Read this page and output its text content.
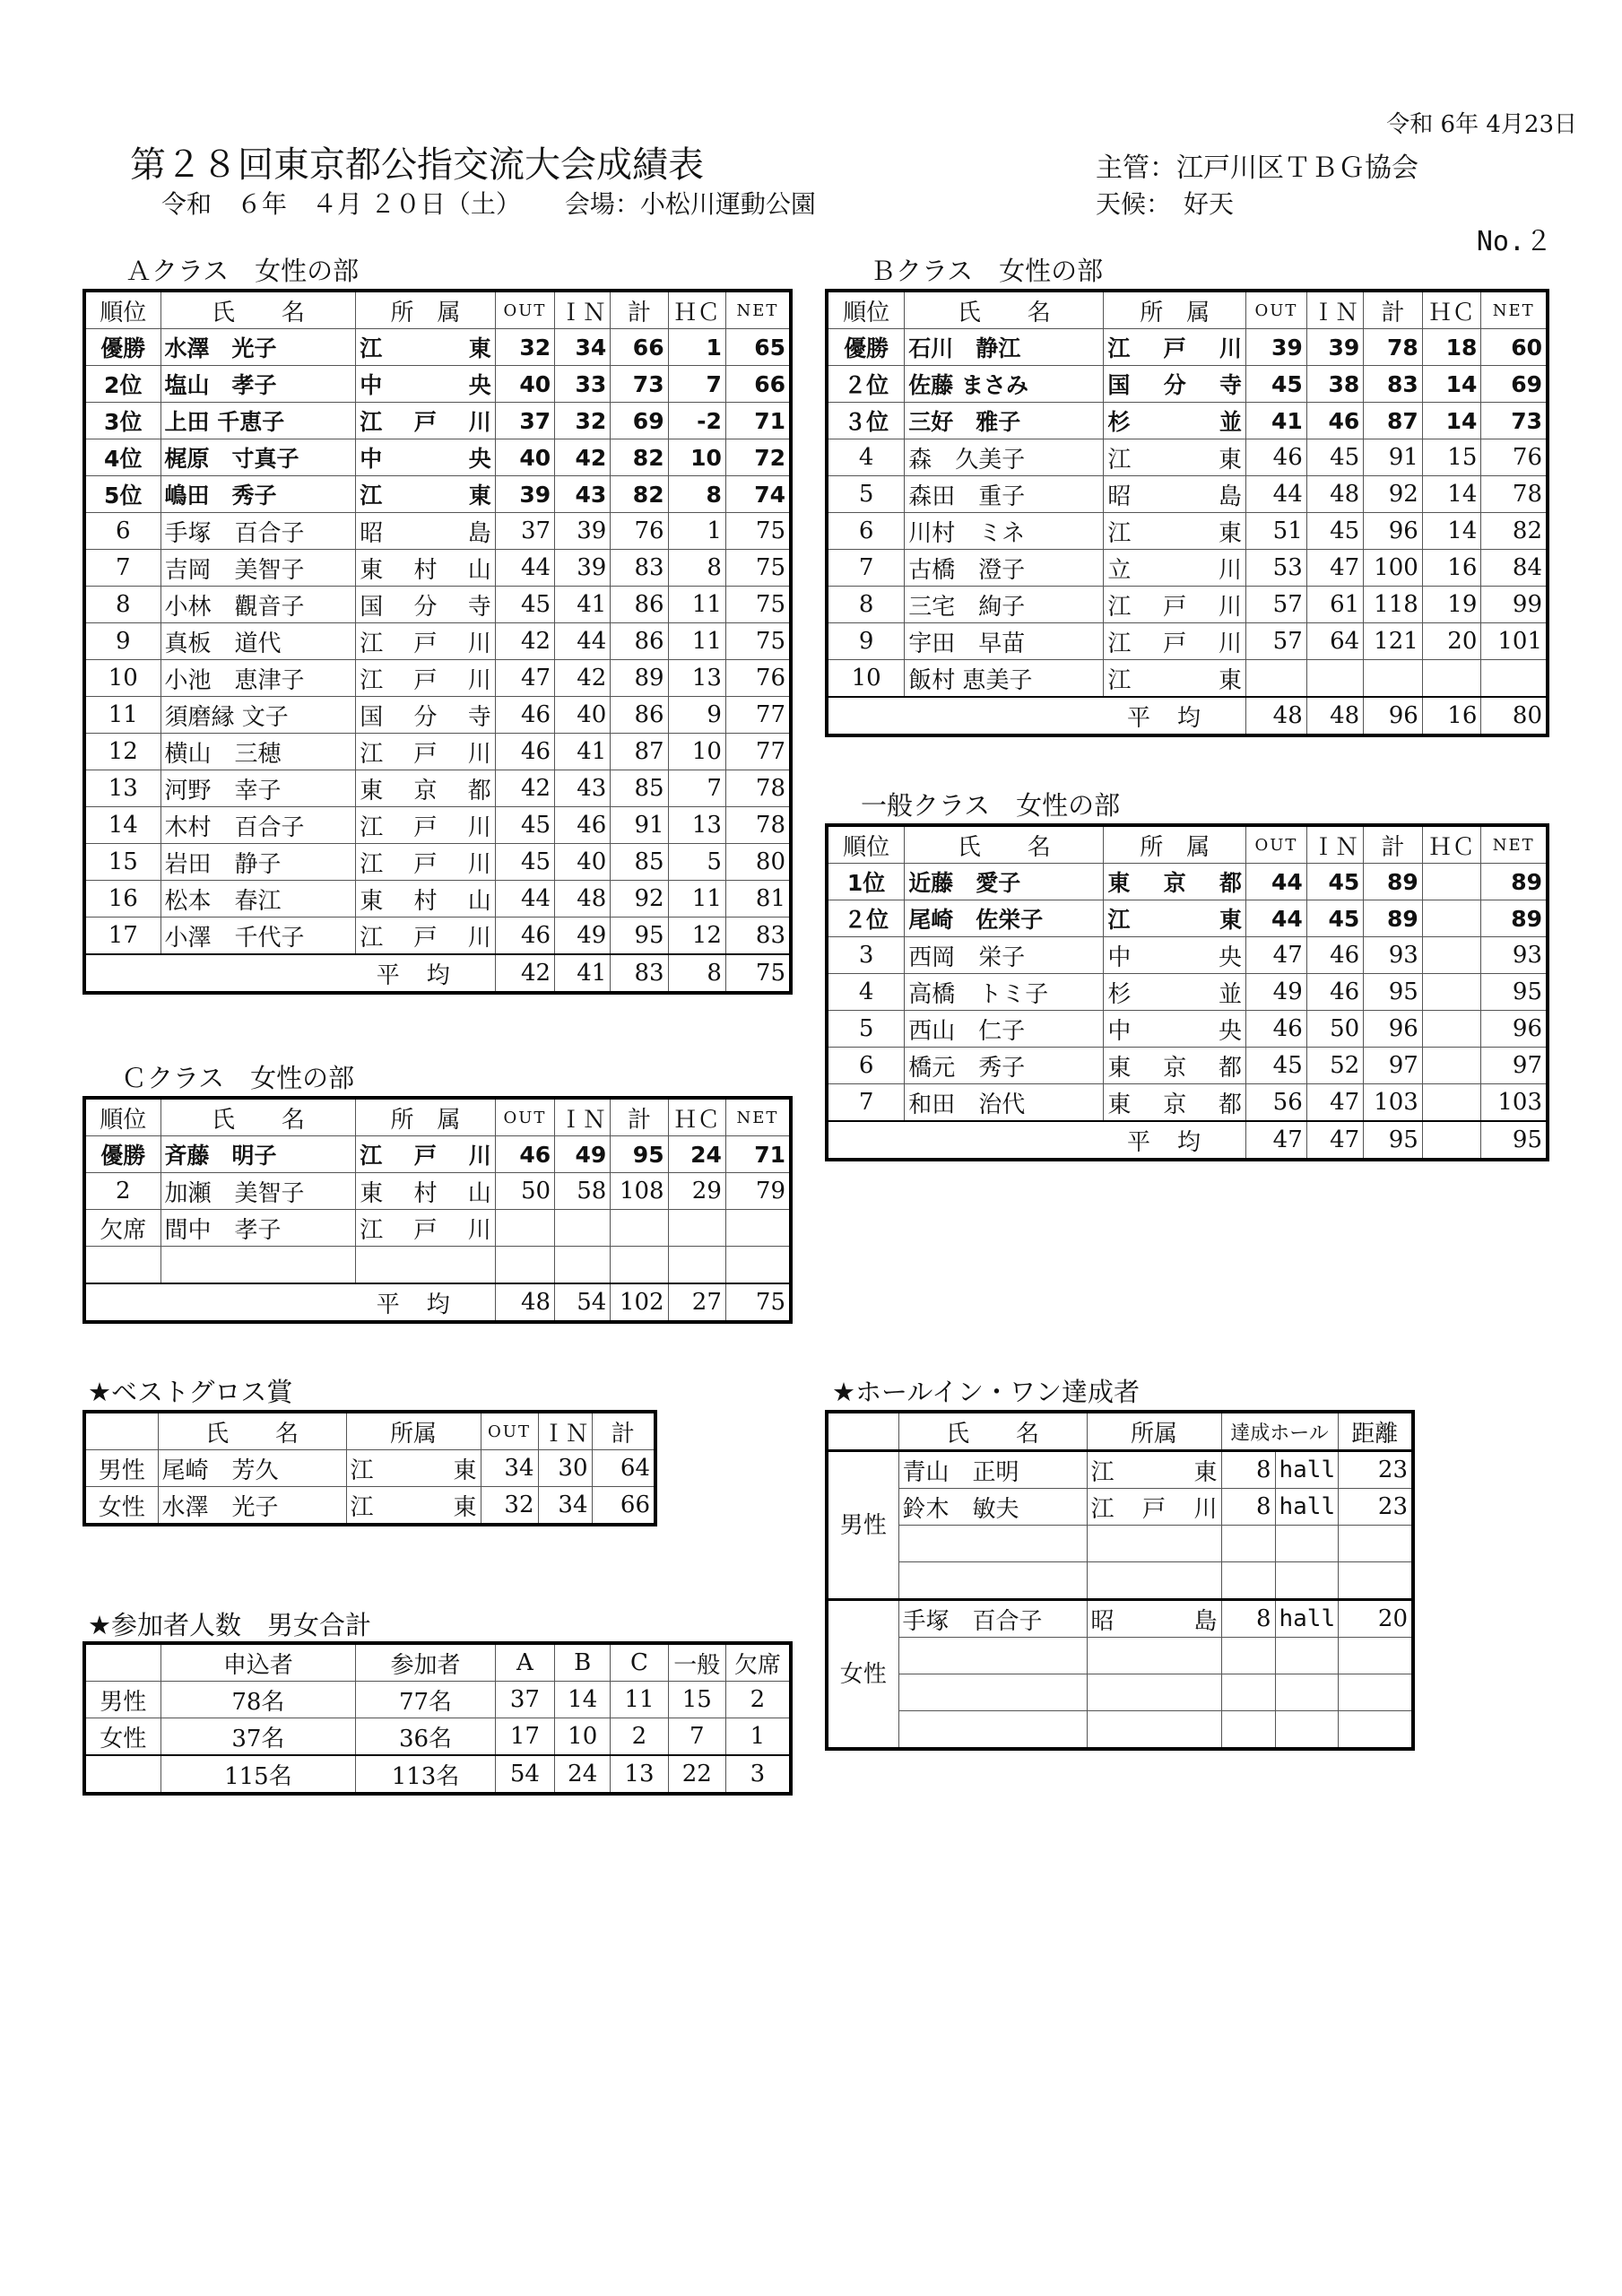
令和 6年 4月23日
第２８回東京都公指交流大会成績表
令和　６年　４月 ２０日（土） 会場：小松川運動公園
主管：江戸川区ＴＢＧ協会
天候：　好天
No.２
Ａクラス　女性の部
順位	氏　　名	所　属	OUT	ＩＮ	計	ＨＣ	NET
優勝	水澤　光子	江　　東	32	34	66	1	65
2位	塩山　孝子	中　　央	40	33	73	7	66
3位	上田 千恵子	江 戸 川	37	32	69	-2	71
4位	梶原　寸真子	中　　央	40	42	82	10	72
5位	嶋田　秀子	江　　東	39	43	82	8	74
6	手塚　百合子	昭　　島	37	39	76	1	75
7	吉岡　美智子	東 村 山	44	39	83	8	75
8	小林　觀音子	国 分 寺	45	41	86	11	75
9	真板　道代	江 戸 川	42	44	86	11	75
10	小池　恵津子	江 戸 川	47	42	89	13	76
11	須磨縁 文子	国 分 寺	46	40	86	9	77
12	横山　三穂	江 戸 川	46	41	87	10	77
13	河野　幸子	東 京 都	42	43	85	7	78
14	木村　百合子	江 戸 川	45	46	91	13	78
15	岩田　静子	江 戸 川	45	40	85	5	80
16	松本　春江	東 村 山	44	48	92	11	81
17	小澤　千代子	江 戸 川	46	49	95	12	83
平均			42	41	83	8	75
Ｂクラス　女性の部
順位	氏　　名	所　属	OUT	ＩＮ	計	ＨＣ	NET
優勝	石川　静江	江 戸 川	39	39	78	18	60
２位	佐藤 まさみ	国 分 寺	45	38	83	14	69
３位	三好　雅子	杉　　並	41	46	87	14	73
4	森　久美子	江　　東	46	45	91	15	76
5	森田　重子	昭　　島	44	48	92	14	78
6	川村　ミネ	江　　東	51	45	96	14	82
7	古橋　澄子	立　　川	53	47	100	16	84
8	三宅　絢子	江 戸 川	57	61	118	19	99
9	宇田　早苗	江 戸 川	57	64	121	20	101
10	飯村 恵美子	江　　東					
平均			48	48	96	16	80
一般クラス　女性の部
順位	氏　　名	所　属	OUT	ＩＮ	計	ＨＣ	NET
1位	近藤　愛子	東 京 都	44	45	89		89
２位	尾崎　佐栄子	江　　東	44	45	89		89
3	西岡　栄子	中　　央	47	46	93		93
4	高橋　トミ子	杉　　並	49	46	95		95
5	西山　仁子	中　　央	46	50	96		96
6	橋元　秀子	東 京 都	45	52	97		97
7	和田　治代	東 京 都	56	47	103		103
平均			47	47	95		95
Ｃクラス　女性の部
順位	氏　　名	所　属	OUT	ＩＮ	計	ＨＣ	NET
優勝	斉藤　明子	江 戸 川	46	49	95	24	71
2	加瀬　美智子	東 村 山	50	58	108	29	79
欠席	間中　孝子	江 戸 川					

平均			48	54	102	27	75
★ベストグロス賞
	氏　　名	所属	OUT	ＩＮ	計
男性	尾崎　芳久	江　　東	34	30	64
女性	水澤　光子	江　　東	32	34	66
★ホールイン・ワン達成者
	氏　　名	所属	達成ホール		距離
男性	青山　正明	江　　東	8	hall	23
	鈴木　敏夫	江 戸 川	8	hall	23

女性	手塚　百合子	昭　　島	8	hall	20

★参加者人数　男女合計
	申込者	参加者	A	B	C	一般	欠席
男性	78名	77名	37	14	11	15	2
女性	37名	36名	17	10	2	7	1
	115名	113名	54	24	13	22	3
